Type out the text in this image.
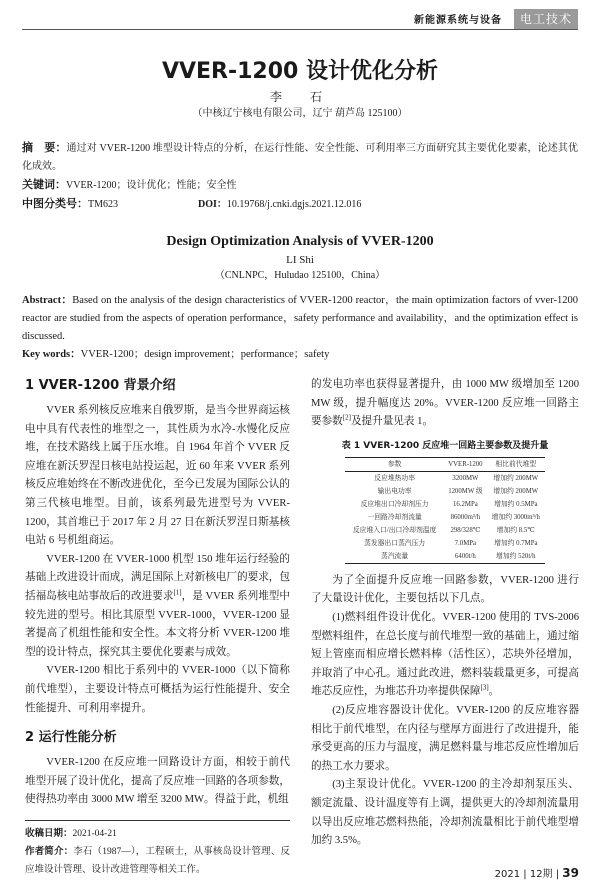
新能源系统与设备	电工技术
VVER-1200 设计优化分析
李　石
（中核辽宁核电有限公司，辽宁 葫芦岛 125100）
摘　要：通过对 VVER-1200 堆型设计特点的分析，在运行性能、安全性能、可利用率三方面研究其主要优化要素，论述其优化成效。
关键词：VVER-1200；设计优化；性能；安全性
中图分类号：TM623	DOI：10.19768/j.cnki.dgjs.2021.12.016
Design Optimization Analysis of VVER-1200
LI Shi
（CNLNPC，Huludao 125100，China）
Abstract：Based on the analysis of the design characteristics of VVER-1200 reactor，the main optimization factors of vver-1200 reactor are studied from the aspects of operation performance，safety performance and availability，and the optimization effect is discussed.
Key words：VVER-1200；design improvement；performance；safety
1 VVER-1200 背景介绍

VVER 系列核反应堆来自俄罗斯，是当今世界商运核电中具有代表性的堆型之一，其性质为水冷-水慢化反应堆，在技术路线上属于压水堆。自 1964 年首个 VVER 反应堆在新沃罗涅日核电站投运起，近 60 年来 VVER 系列核反应堆始终在不断改进优化，至今已发展为国际公认的第三代核电堆型。目前，该系列最先进型号为 VVER-1200，其首堆已于 2017 年 2 月 27 日在新沃罗涅日斯基核电站 6 号机组商运。

VVER-1200 在 VVER-1000 机型 150 堆年运行经验的基础上改进设计而成，满足国际上对新核电厂的要求，包括福岛核电站事故后的改进要求[1]，是 VVER 系列堆型中较先进的型号。相比其原型 VVER-1000，VVER-1200 显著提高了机组性能和安全性。本文将分析 VVER-1200 堆型的设计特点，探究其主要优化要素与成效。

VVER-1200 相比于系列中的 VVER-1000（以下简称前代堆型），主要设计特点可概括为运行性能提升、安全性能提升、可利用率提升。

2 运行性能分析

VVER-1200 在反应堆一回路设计方面，相较于前代堆型开展了设计优化，提高了反应堆一回路的各项参数，使得热功率由 3000 MW 增至 3200 MW。得益于此，机组

收稿日期：2021-04-21
作者简介：李石（1987—），工程硕士，从事核岛设计管理、反应堆设计管理、设计改进管理等相关工作。

的发电功率也获得显著提升，由 1000 MW 级增加至 1200 MW 级，提升幅度达 20%。VVER-1200 反应堆一回路主要参数[2]及提升量见表 1。

表 1 VVER-1200 反应堆一回路主要参数及提升量
参数	VVER-1200	相比前代堆型
反应堆热功率	3200MW	增加约 200MW
输出电功率	1200MW 级	增加约 200MW
反应堆出口冷却剂压力	16.2MPa	增加约 0.5MPa
一回路冷却剂流量	86000m³/h	增加约 3000m³/h
反应堆入口/出口冷却剂温度	298/328℃	增加约 8.5℃
蒸发器出口蒸汽压力	7.0MPa	增加约 0.7MPa
蒸汽流量	6400t/h	增加约 520t/h

为了全面提升反应堆一回路参数，VVER-1200 进行了大量设计优化，主要包括以下几点。

(1)燃料组件设计优化。VVER-1200 使用的 TVS-2006 型燃料组件，在总长度与前代堆型一致的基础上，通过缩短上管座而相应增长燃料棒（活性区），芯块外径增加，并取消了中心孔。通过此改进，燃料装载量更多，可提高堆芯反应性，为堆芯升功率提供保障[3]。

(2)反应堆容器设计优化。VVER-1200 的反应堆容器相比于前代堆型，在内径与壁厚方面进行了改进提升，能承受更高的压力与温度，满足燃料量与堆芯反应性增加后的热工水力要求。

(3)主泵设计优化。VVER-1200 的主冷却剂泵压头、额定流量、设计温度等有上调，提供更大的冷却剂流量用以导出反应堆芯燃料热能，冷却剂流量相比于前代堆型增加约 3.5%。

2021 | 12期 | 39
